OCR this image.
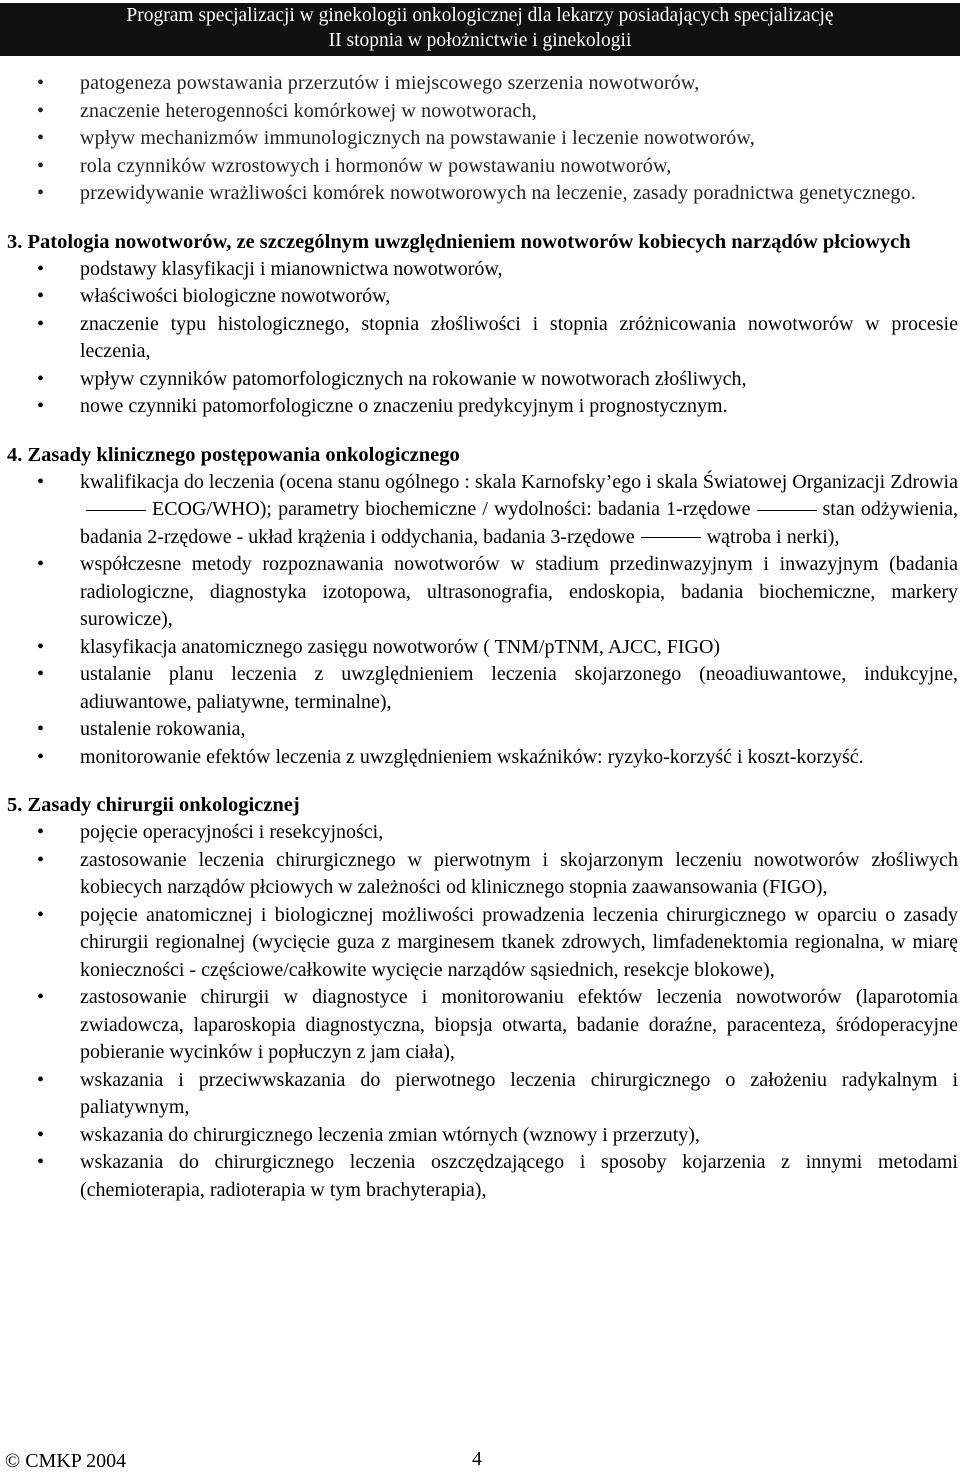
Program specjalizacji w ginekologii onkologicznej dla lekarzy posiadających specjalizację
II stopnia w położnictwie i ginekologii
• patogeneza powstawania przerzutów i miejscowego szerzenia nowotworów,
• znaczenie heterogenności komórkowej w nowotworach,
• wpływ mechanizmów immunologicznych na powstawanie i leczenie nowotworów,
• rola czynników wzrostowych i hormonów w powstawaniu nowotworów,
• przewidywanie wrażliwości komórek nowotworowych na leczenie, zasady poradnictwa genetycznego.
3. Patologia nowotworów, ze szczególnym uwzględnieniem nowotworów kobiecych narządów płciowych
• podstawy klasyfikacji i mianownictwa nowotworów,
• właściwości biologiczne nowotworów,
• znaczenie typu histologicznego, stopnia złośliwości i stopnia zróżnicowania nowotworów w procesie leczenia,
• wpływ czynników patomorfologicznych na rokowanie w nowotworach złośliwych,
• nowe czynniki patomorfologiczne o znaczeniu predykcyjnym i prognostycznym.
4. Zasady klinicznego postępowania onkologicznego
• kwalifikacja do leczenia (ocena stanu ogólnego : skala Karnofsky’ego i skala Światowej Organizacji ZdrowiaECOG/WHO); parametry biochemiczne / wydolności: badania 1-rzędowe	stan odżywienia, badania 2-rzędowe - układ krążenia i oddychania, badania 3-rzędowe	wątroba i nerki),
• współczesne metody rozpoznawania nowotworów w stadium przedinwazyjnym i inwazyjnym (badania radiologiczne, diagnostyka izotopowa, ultrasonografia, endoskopia, badania biochemiczne, markery surowicze),
• klasyfikacja anatomicznego zasięgu nowotworów ( TNM/pTNM, AJCC, FIGO)
• ustalanie planu leczenia z uwzględnieniem leczenia skojarzonego (neoadiuwantowe, indukcyjne, adiuwantowe, paliatywne, terminalne),
• ustalenie rokowania,
• monitorowanie efektów leczenia z uwzględnieniem wskaźników: ryzyko-korzyść i koszt-korzyść.
5. Zasady chirurgii onkologicznej
• pojęcie operacyjności i resekcyjności,
• zastosowanie leczenia chirurgicznego w pierwotnym i skojarzonym leczeniu nowotworów złośliwych kobiecych narządów płciowych w zależności od klinicznego stopnia zaawansowania (FIGO),
• pojęcie anatomicznej i biologicznej możliwości prowadzenia leczenia chirurgicznego w oparciu o zasady chirurgii regionalnej (wycięcie guza z marginesem tkanek zdrowych, limfadenektomia regionalna, w miarę konieczności - częściowe/całkowite wycięcie narządów sąsiednich, resekcje blokowe),
• zastosowanie chirurgii w diagnostyce i monitorowaniu efektów leczenia nowotworów (laparotomia zwiadowcza, laparoskopia diagnostyczna, biopsja otwarta, badanie doraźne, paracenteza, śródoperacyjne pobieranie wycinków i popłuczyn z jam ciała),
• wskazania i przeciwwskazania do pierwotnego leczenia chirurgicznego o założeniu radykalnym i paliatywnym,
• wskazania do chirurgicznego leczenia zmian wtórnych (wznowy i przerzuty),
• wskazania do chirurgicznego leczenia oszczędzającego i sposoby kojarzenia z innymi metodami (chemioterapia, radioterapia w tym brachyterapia),
© CMKP 2004	4
